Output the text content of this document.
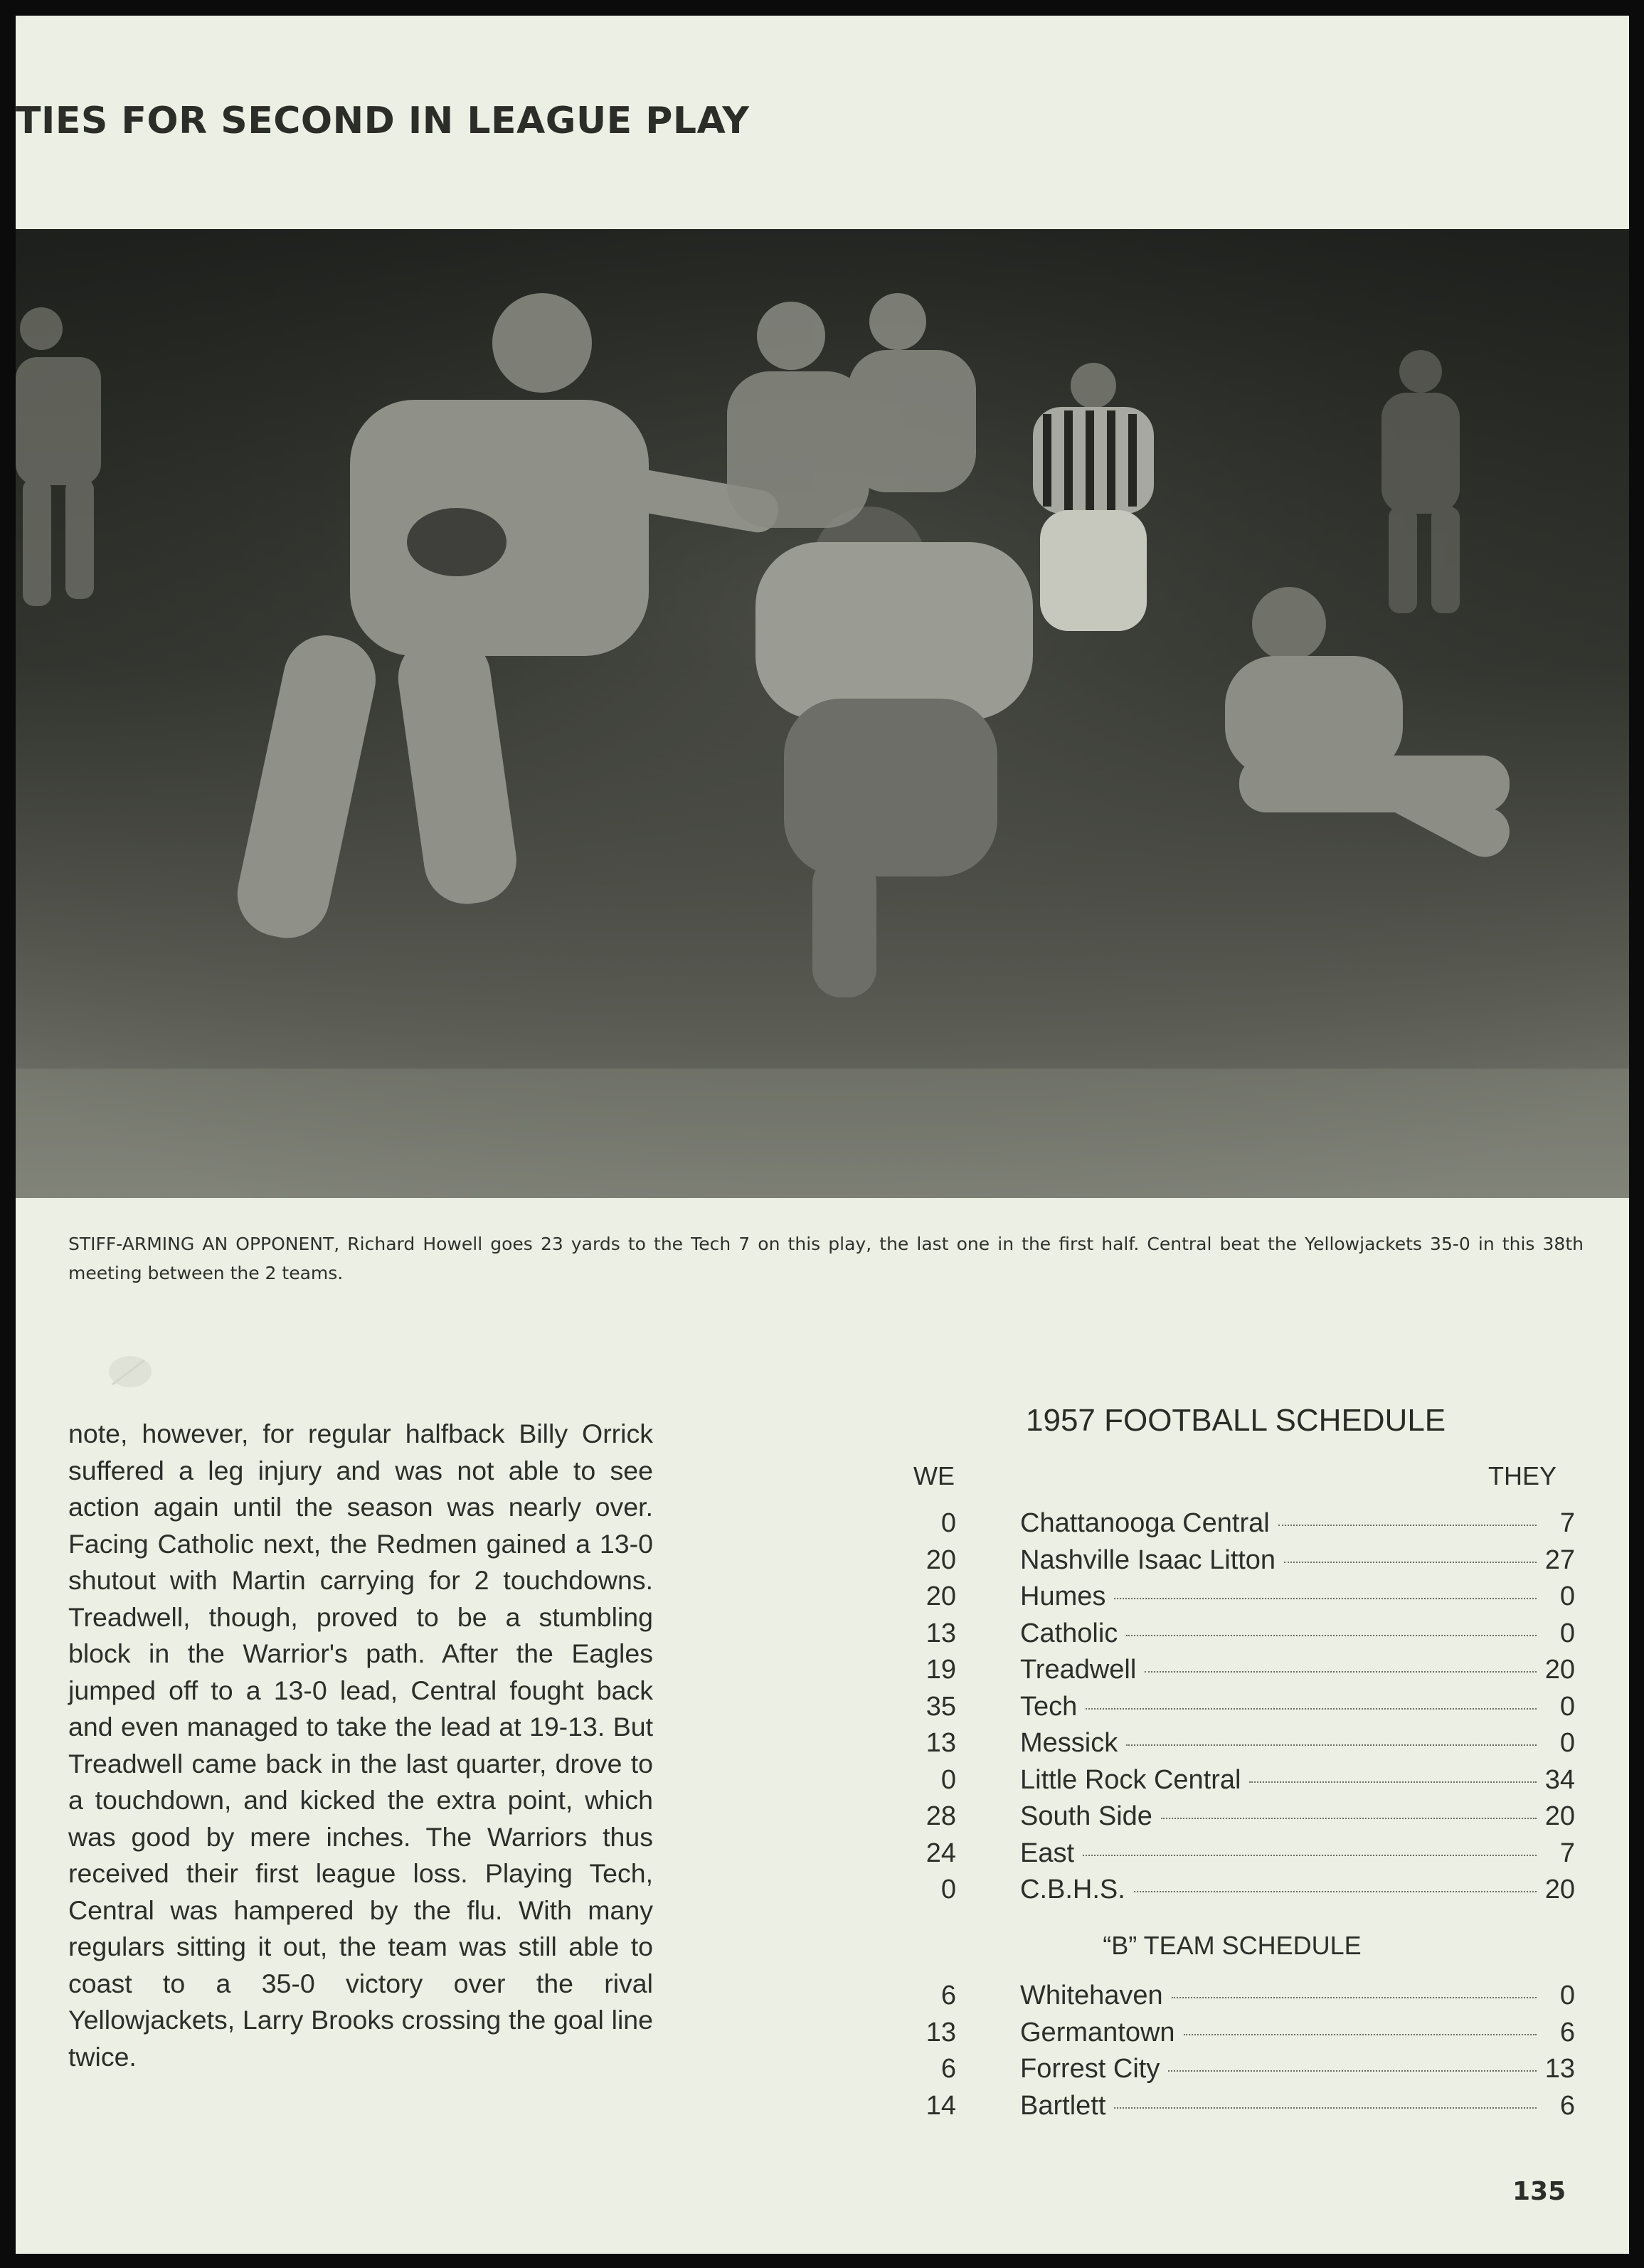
TIES FOR SECOND IN LEAGUE PLAY
STIFF-ARMING AN OPPONENT, Richard Howell goes 23 yards to the Tech 7 on this play, the last one in the first half. Central beat the Yellowjackets 35-0 in this 38th meeting between the 2 teams.
note, however, for regular halfback Billy Orrick suffered a leg injury and was not able to see action again until the season was nearly over. Facing Catholic next, the Redmen gained a 13-0 shutout with Martin carrying for 2 touchdowns. Treadwell, though, proved to be a stumbling block in the Warrior's path. After the Eagles jumped off to a 13-0 lead, Central fought back and even managed to take the lead at 19-13. But Treadwell came back in the last quarter, drove to a touchdown, and kicked the extra point, which was good by mere inches. The Warriors thus received their first league loss. Playing Tech, Central was hampered by the flu. With many regulars sitting it out, the team was still able to coast to a 35-0 victory over the rival Yellowjackets, Larry Brooks crossing the goal line twice.
1957 FOOTBALL SCHEDULE
WE	THEY
0 Chattanooga Central	7
20 Nashville Isaac Litton	27
20 Humes	0
13 Catholic	0
19 Treadwell	20
35 Tech	0
13 Messick	0
0 Little Rock Central	34
28 South Side	20
24 East	7
0 C.B.H.S.	20
“B” TEAM SCHEDULE
6 Whitehaven	0
13 Germantown	6
6 Forrest City	13
14 Bartlett	6
135
